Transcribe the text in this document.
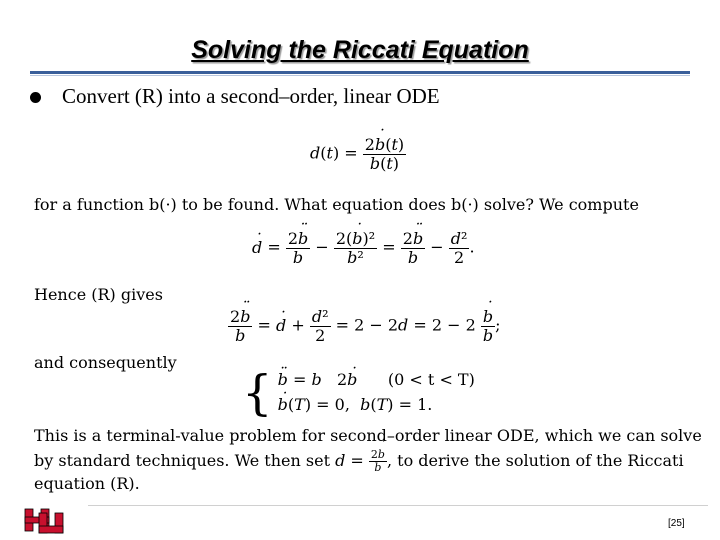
Solving the Riccati Equation
Convert (R) into a second–order, linear ODE
$d(t) = \frac{2b ˙(t)}{b(t)}$
for a function b(·) to be found. What equation does b(·) solve? We compute
d ˙ = $\frac{2b ¨}{b} - \frac{\text{2(b ˙)²}}{\text{b²}} = \frac{2b ¨}{b} - \frac{\text{d²}}{2}$ .
Hence (R) gives
$\frac{2b ¨}{b} = d$ ˙ + $\frac{\text{d²}}{2} = 2 - 2d = 2 - 2 \frac{b ˙}{b}$ ;
and consequently
{ b ¨ = b   2b ˙ (0 < t < T)
b ˙(T) = 0,  b(T) = 1.
This is a terminal-value problem for second–order linear ODE, which we can solve
by standard techniques. We then set $d = \frac{2b ˙}{b}$ , to derive the solution of the Riccati
equation (R).
[25]
